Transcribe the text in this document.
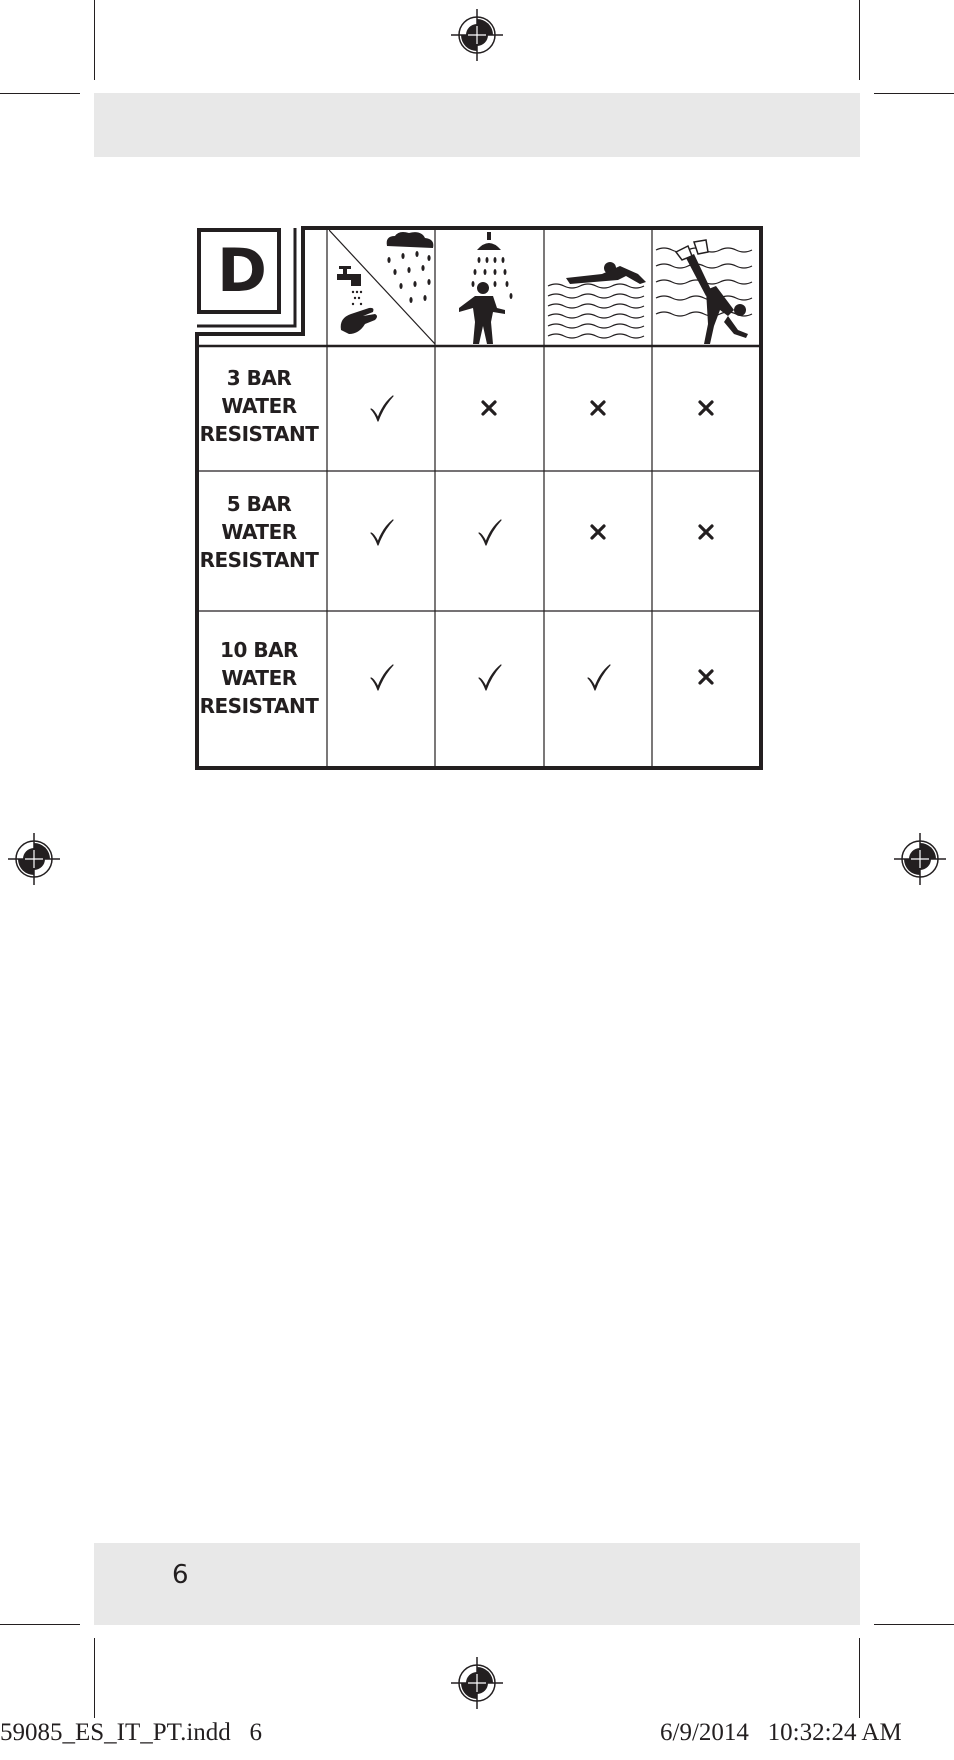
D
3 BAR
WATER
RESISTANT
5 BAR
WATER
RESISTANT
10 BAR
WATER
RESISTANT
6
59085_ES_IT_PT.indd   6	6/9/2014   10:32:24 AM
